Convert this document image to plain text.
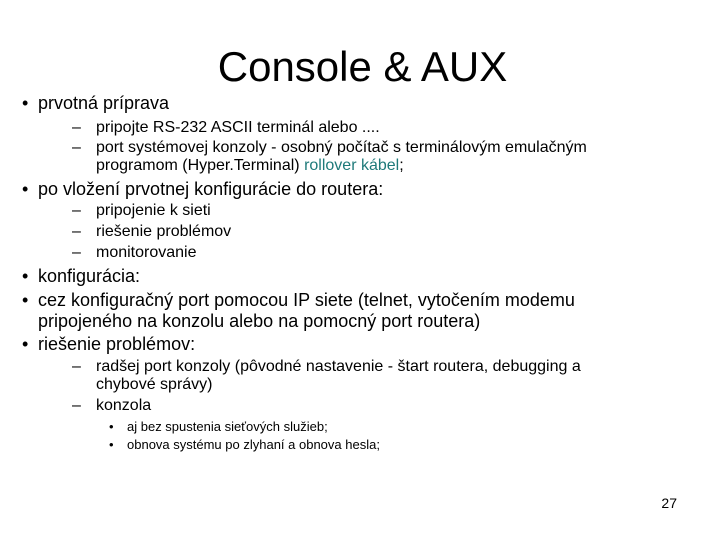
Console & AUX
• prvotná príprava
– pripojte RS-232 ASCII terminál alebo ....
– port systémovej konzoly - osobný počítač s terminálovým emulačným
programom (Hyper.Terminal) rollover kábel;
• po vložení prvotnej konfigurácie do routera:
– pripojenie k sieti
– riešenie problémov
– monitorovanie
• konfigurácia:
• cez konfiguračný port pomocou IP siete (telnet, vytočením modemu
pripojeného na konzolu alebo na pomocný port routera)
• riešenie problémov:
– radšej port konzoly (pôvodné nastavenie - štart routera, debugging a
chybové správy)
– konzola
• aj bez spustenia sieťových služieb;
• obnova systému po zlyhaní a obnova hesla;
27
